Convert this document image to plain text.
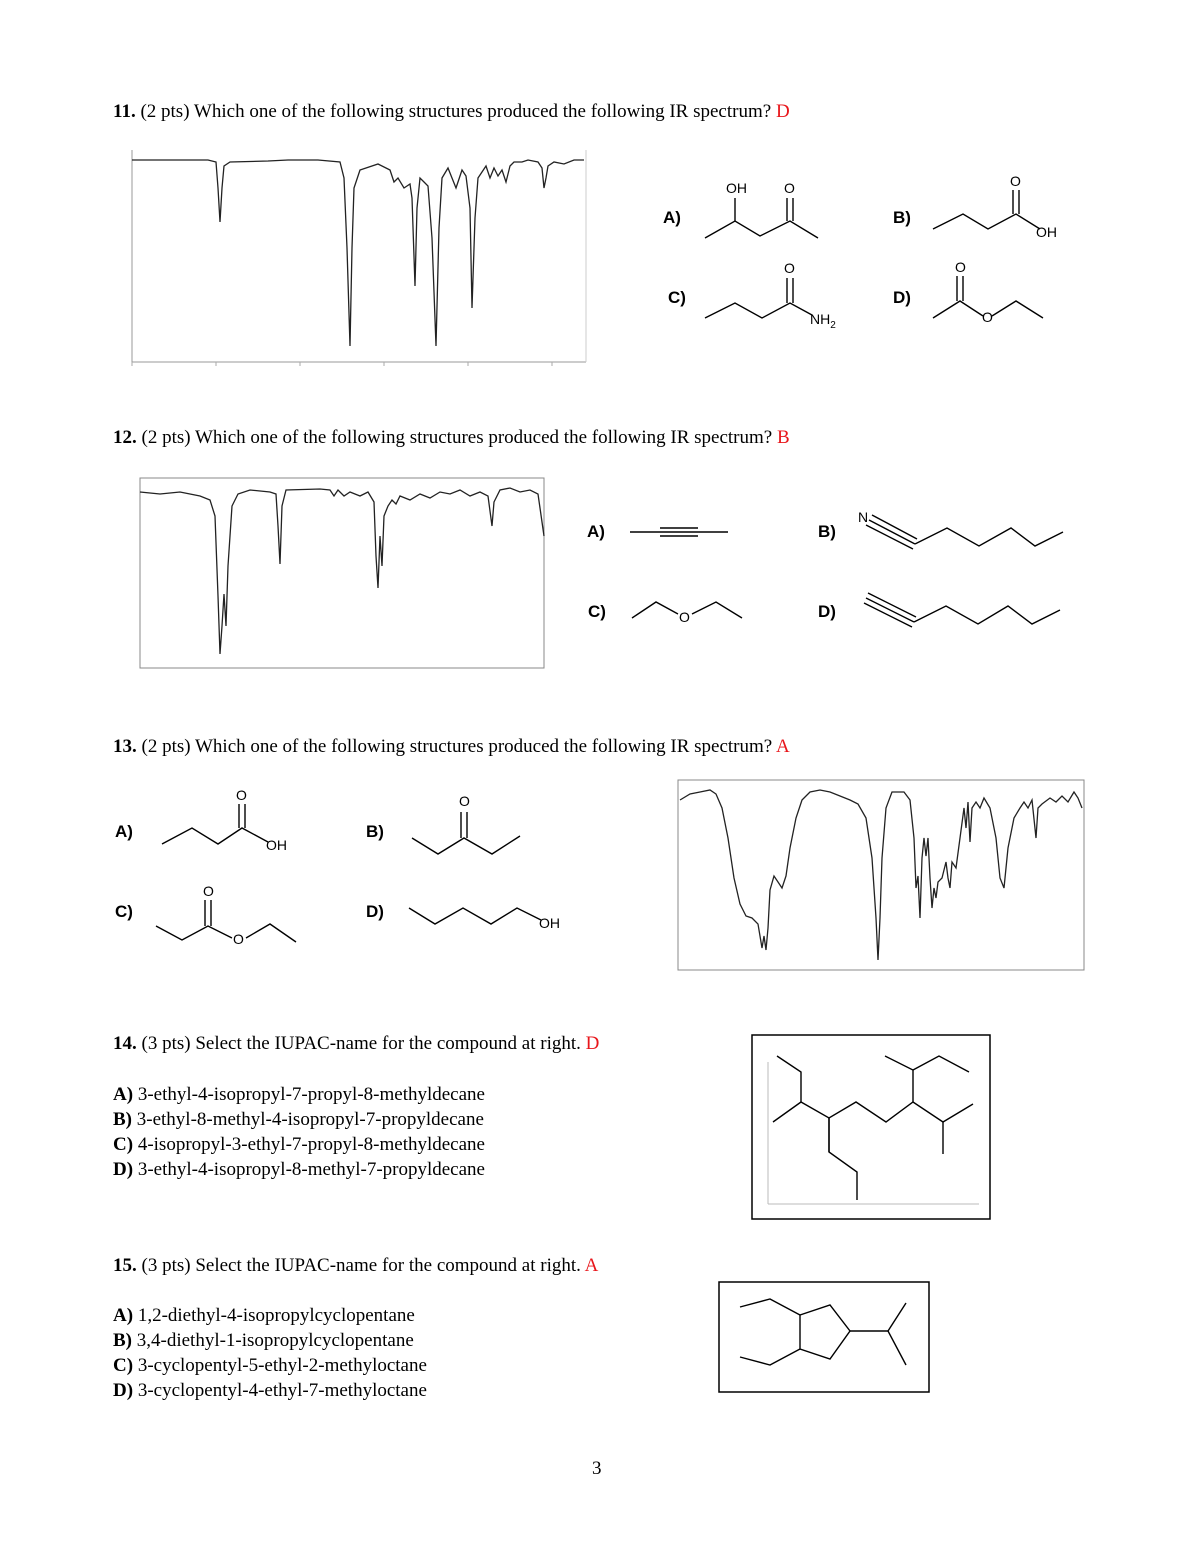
11. (2 pts) Which one of the following structures produced the following IR spectrum? D
A)	B)
C)	D)
OH	O	O
OH
O
$NH_2$
O
O
12. (2 pts) Which one of the following structures produced the following IR spectrum? B
A)	B)
C)	D)
N
O
13. (2 pts) Which one of the following structures produced the following IR spectrum? A
A)	B)
C)	D)
O
OH
O
O
O
OH
14. (3 pts) Select the IUPAC-name for the compound at right. D
A) 3-ethyl-4-isopropyl-7-propyl-8-methyldecane
B) 3-ethyl-8-methyl-4-isopropyl-7-propyldecane
C) 4-isopropyl-3-ethyl-7-propyl-8-methyldecane
D) 3-ethyl-4-isopropyl-8-methyl-7-propyldecane
15. (3 pts) Select the IUPAC-name for the compound at right. A
A) 1,2-diethyl-4-isopropylcyclopentane
B) 3,4-diethyl-1-isopropylcyclopentane
C) 3-cyclopentyl-5-ethyl-2-methyloctane
D) 3-cyclopentyl-4-ethyl-7-methyloctane
3
